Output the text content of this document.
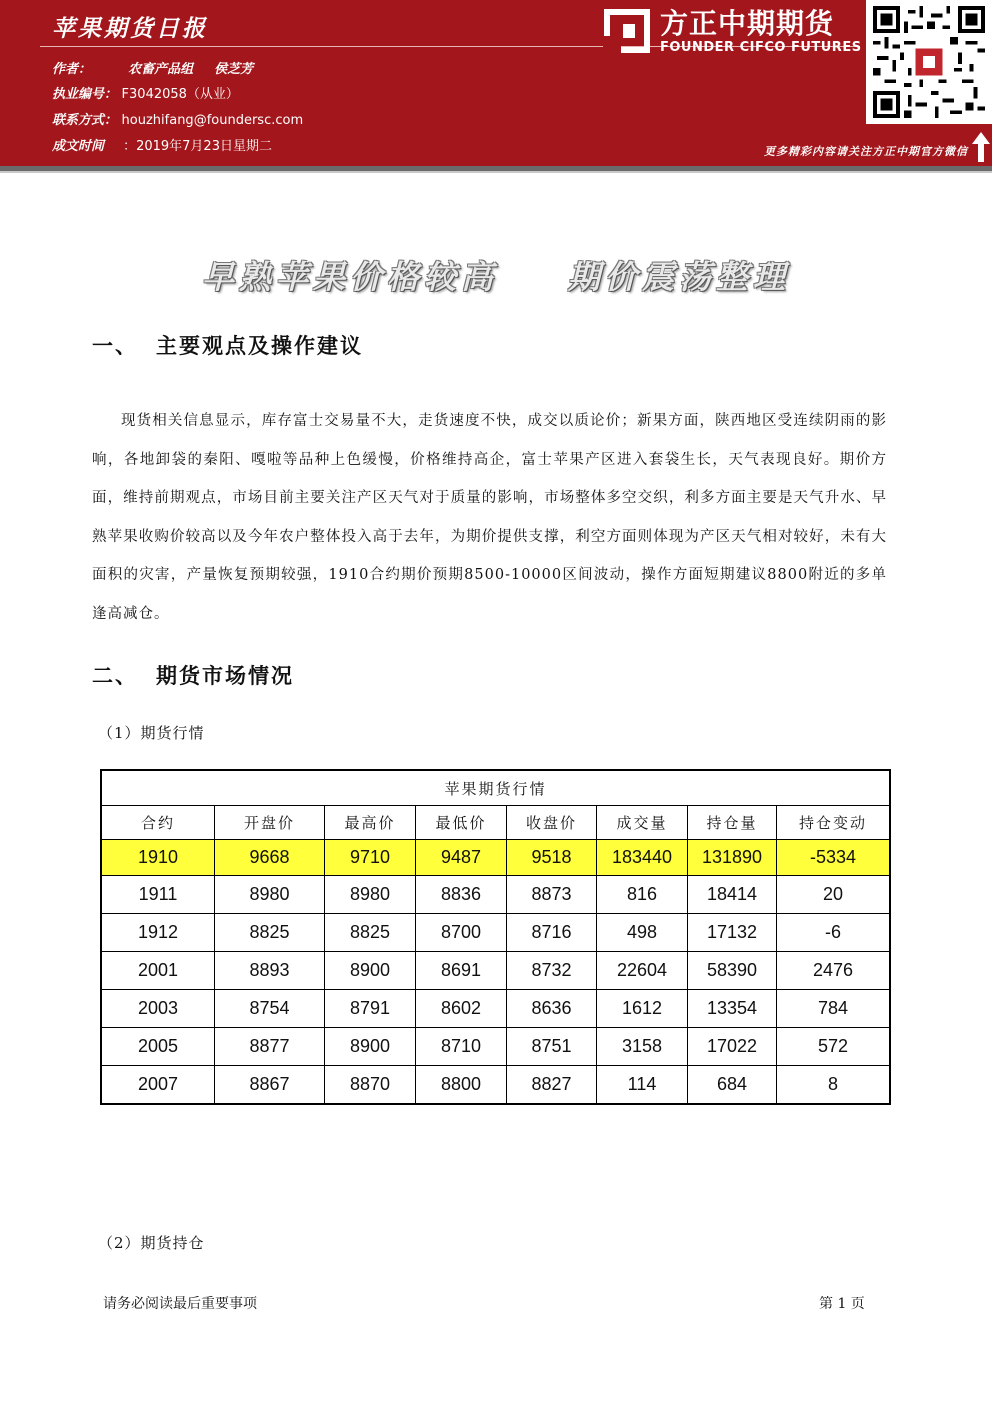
苹果期货日报
作者：	农畜产品组 侯芝芳
执业编号： F3042058（从业）
联系方式： houzhifang@foundersc.com
成文时间 ：2019年7月23日星期二
方正中期期货
FOUNDER CIFCO FUTURES
更多精彩内容请关注方正中期官方微信
早熟苹果价格较高 期价震荡整理
一、 主要观点及操作建议
现货相关信息显示，库存富士交易量不大，走货速度不快，成交以质论价；新果方面，陕西地区受连续阴雨的影响，各地卸袋的秦阳、嘎啦等品种上色缓慢，价格维持高企，富士苹果产区进入套袋生长，天气表现良好。期价方面，维持前期观点，市场目前主要关注产区天气对于质量的影响，市场整体多空交织，利多方面主要是天气升水、早熟苹果收购价较高以及今年农户整体投入高于去年，为期价提供支撑，利空方面则体现为产区天气相对较好，未有大面积的灾害，产量恢复预期较强，1910合约期价预期8500-10000区间波动，操作方面短期建议8800附近的多单逢高减仓。
二、 期货市场情况
（1）期货行情
苹果期货行情							
合约	开盘价	最高价	最低价	收盘价	成交量	持仓量	持仓变动
1910	9668	9710	9487	9518	183440	131890	-5334
1911	8980	8980	8836	8873	816	18414	20
1912	8825	8825	8700	8716	498	17132	-6
2001	8893	8900	8691	8732	22604	58390	2476
2003	8754	8791	8602	8636	1612	13354	784
2005	8877	8900	8710	8751	3158	17022	572
2007	8867	8870	8800	8827	114	684	8
（2）期货持仓
请务必阅读最后重要事项	第 1 页
